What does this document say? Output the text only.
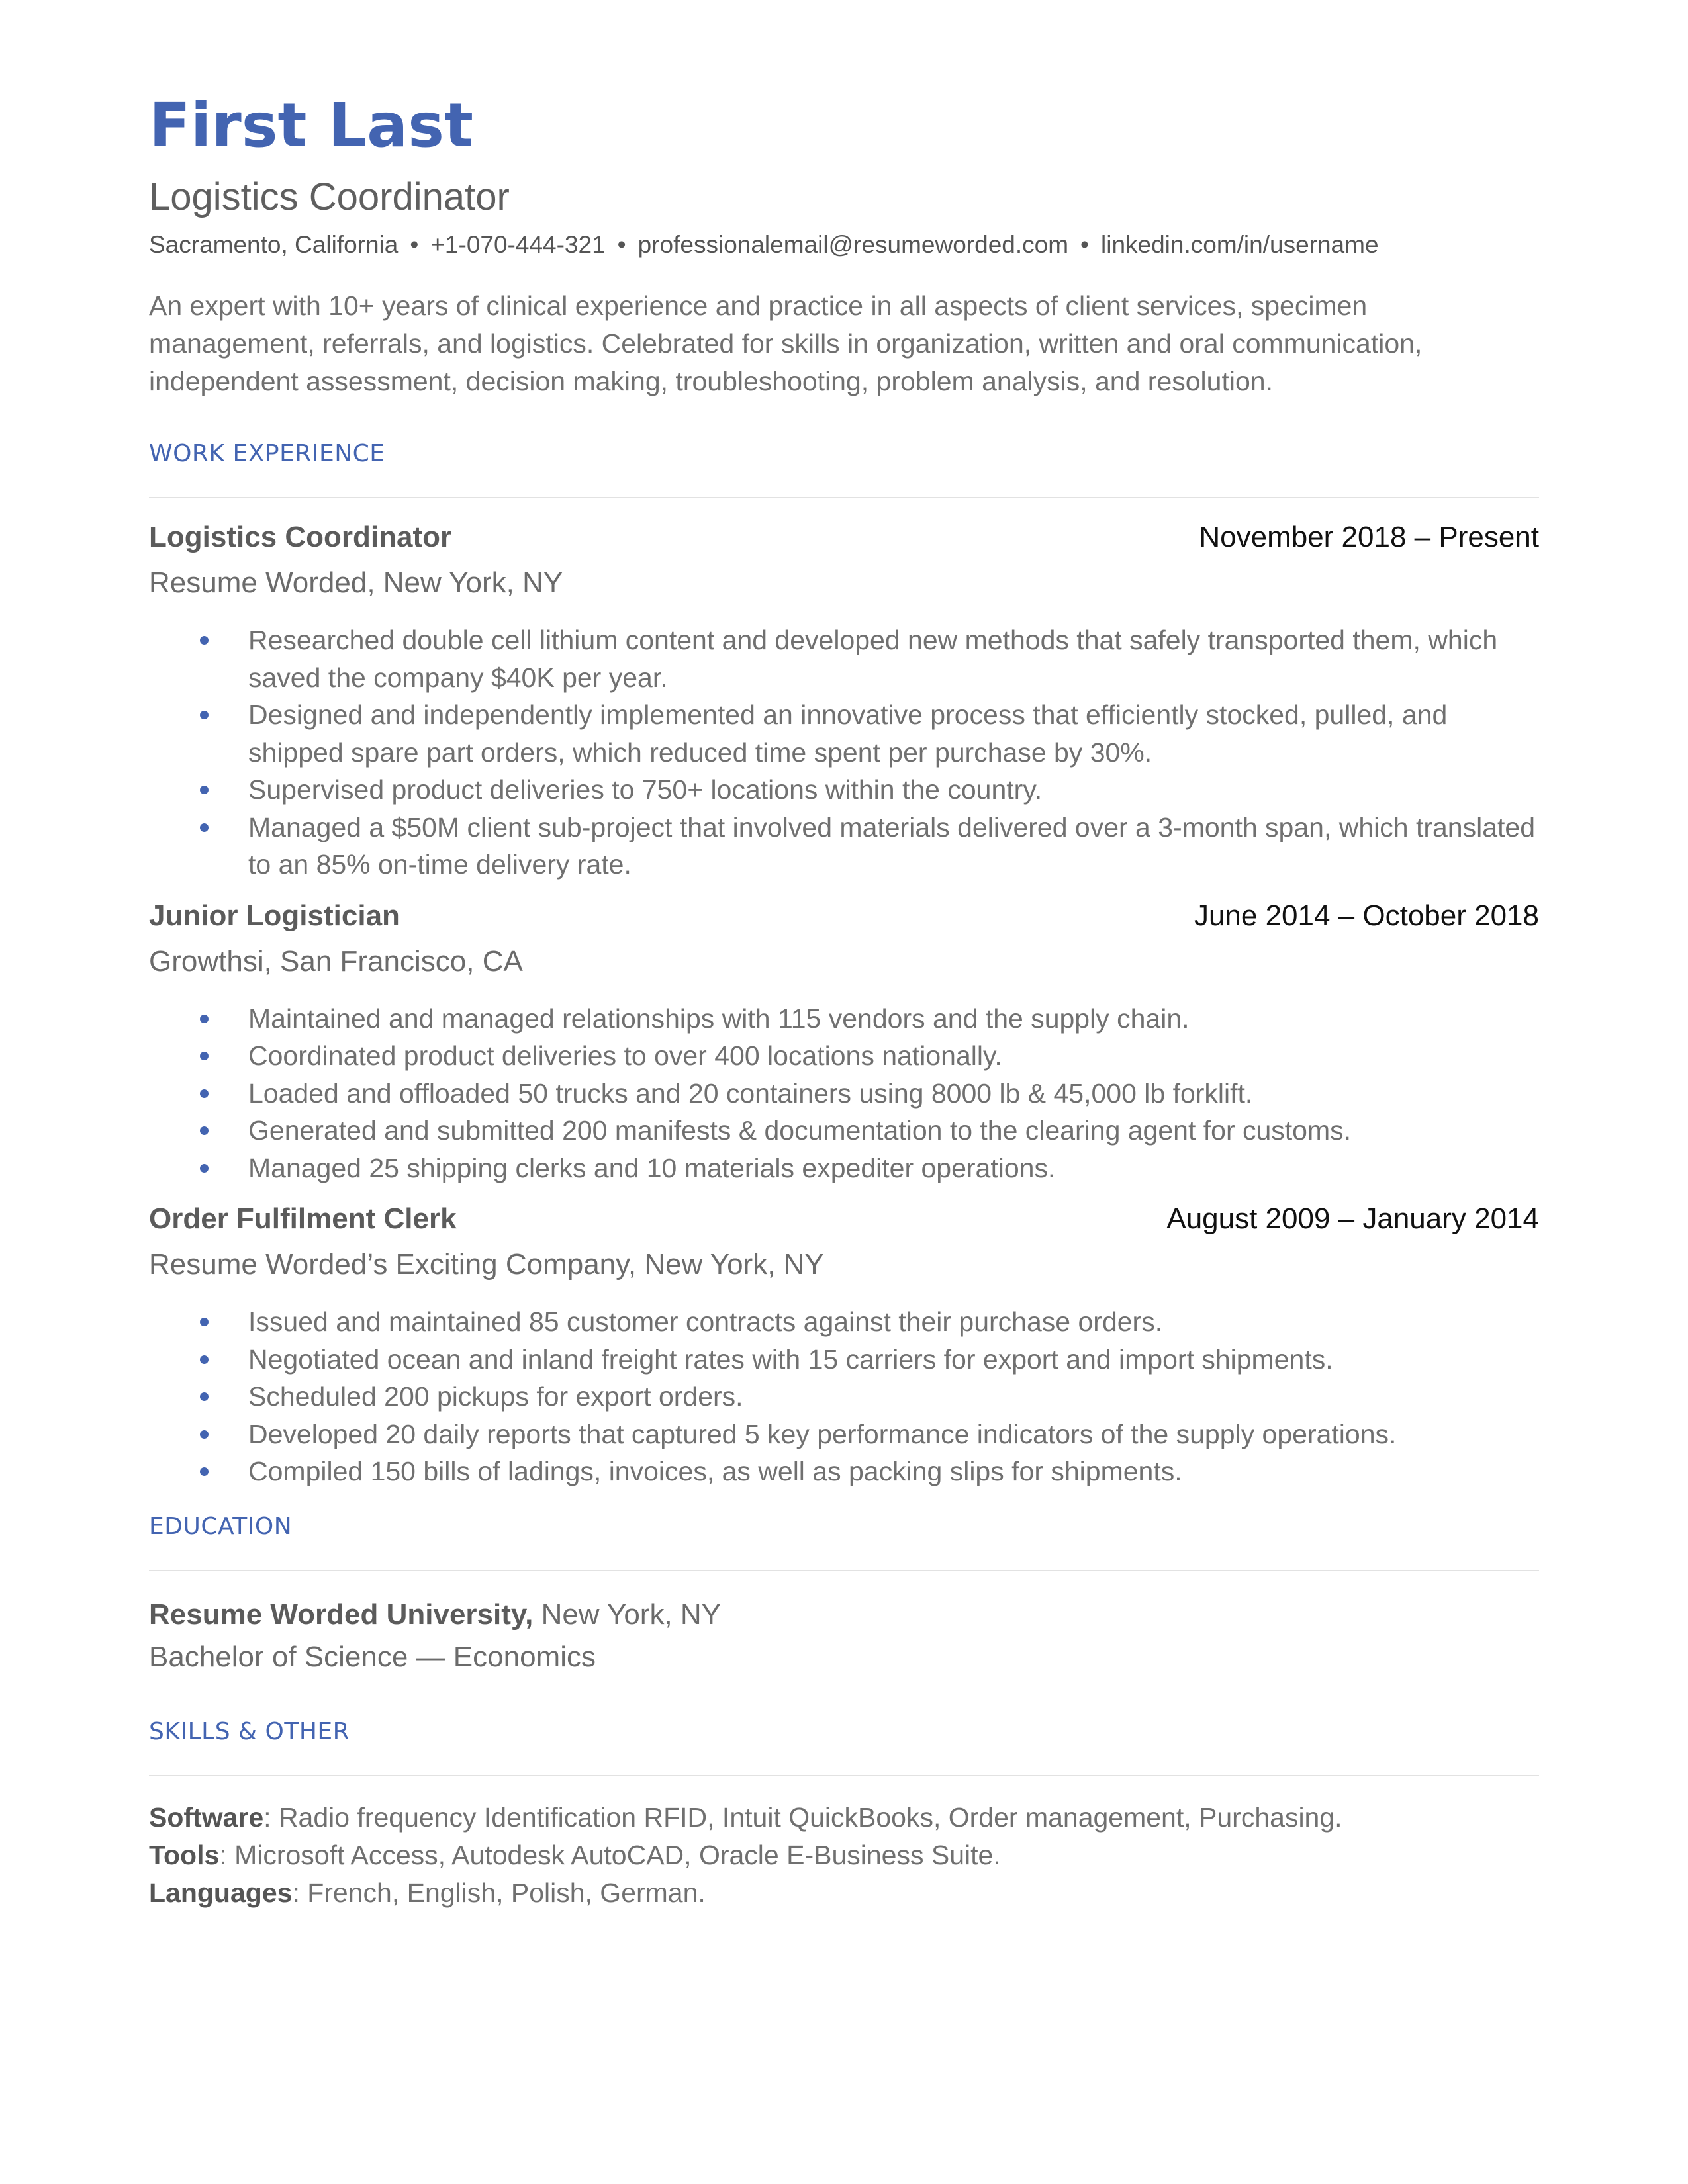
First Last
Logistics Coordinator
Sacramento, California • +1-070-444-321 • professionalemail@resumeworded.com • linkedin.com/in/username
An expert with 10+ years of clinical experience and practice in all aspects of client services, specimen management, referrals, and logistics. Celebrated for skills in organization, written and oral communication, independent assessment, decision making, troubleshooting, problem analysis, and resolution.
WORK EXPERIENCE
Logistics Coordinator	November 2018 – Present
Resume Worded, New York, NY
Researched double cell lithium content and developed new methods that safely transported them, which saved the company $40K per year.
Designed and independently implemented an innovative process that efficiently stocked, pulled, and shipped spare part orders, which reduced time spent per purchase by 30%.
Supervised product deliveries to 750+ locations within the country.
Managed a $50M client sub-project that involved materials delivered over a 3-month span, which translated to an 85% on-time delivery rate.
Junior Logistician	June 2014 – October 2018
Growthsi, San Francisco, CA
Maintained and managed relationships with 115 vendors and the supply chain.
Coordinated product deliveries to over 400 locations nationally.
Loaded and offloaded 50 trucks and 20 containers using 8000 lb & 45,000 lb forklift.
Generated and submitted 200 manifests & documentation to the clearing agent for customs.
Managed 25 shipping clerks and 10 materials expediter operations.
Order Fulfilment Clerk	August 2009 – January 2014
Resume Worded’s Exciting Company, New York, NY
Issued and maintained 85 customer contracts against their purchase orders.
Negotiated ocean and inland freight rates with 15 carriers for export and import shipments.
Scheduled 200 pickups for export orders.
Developed 20 daily reports that captured 5 key performance indicators of the supply operations.
Compiled 150 bills of ladings, invoices, as well as packing slips for shipments.
EDUCATION
Resume Worded University, New York, NY
Bachelor of Science — Economics
SKILLS & OTHER
Software: Radio frequency Identification RFID, Intuit QuickBooks, Order management, Purchasing.
Tools: Microsoft Access, Autodesk AutoCAD, Oracle E-Business Suite.
Languages: French, English, Polish, German.
